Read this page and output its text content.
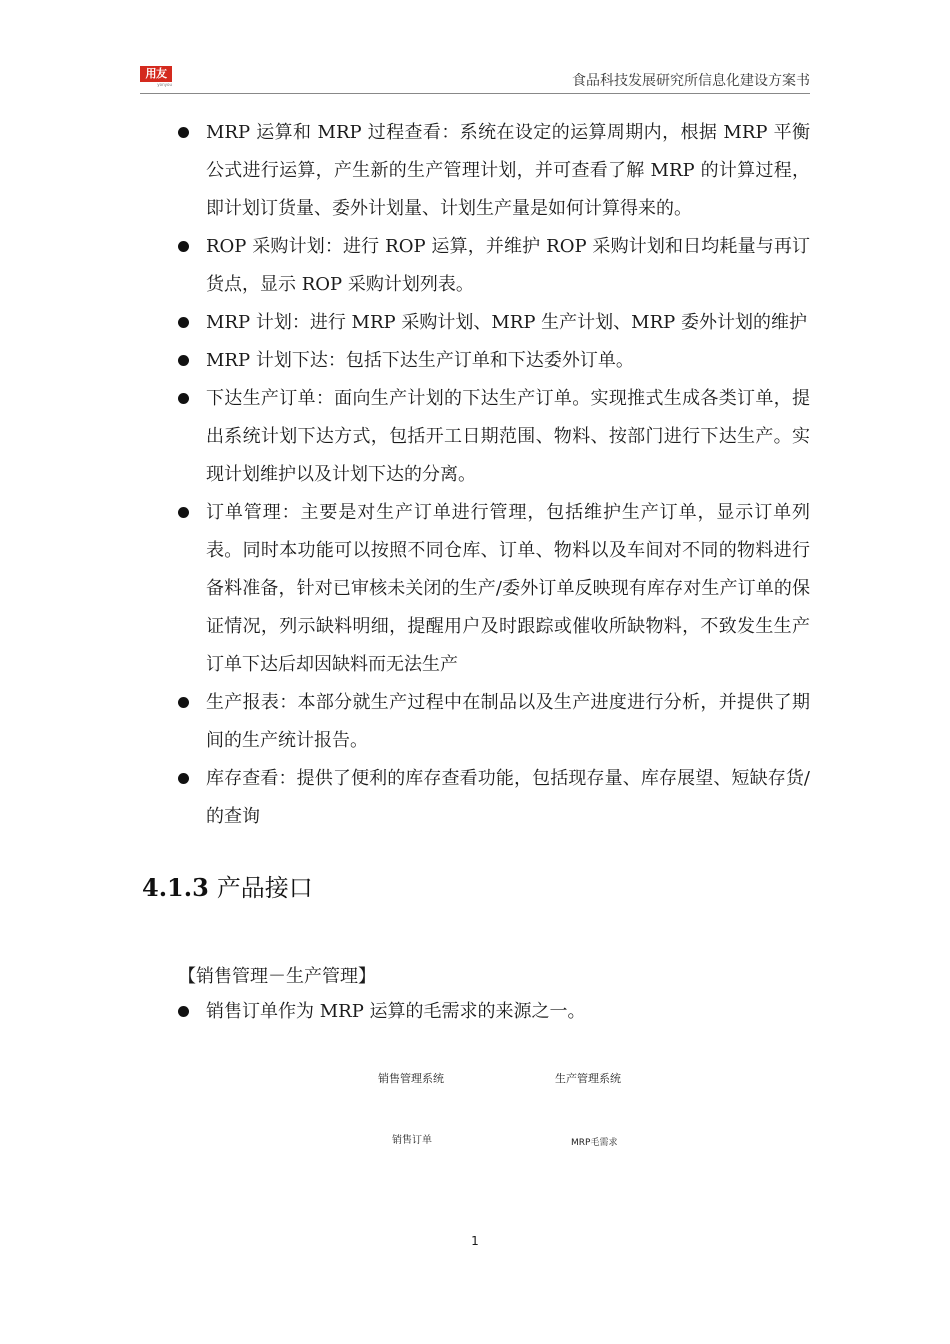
用友
yonyou	食品科技发展研究所信息化建设方案书

MRP 运算和 MRP 过程查看：系统在设定的运算周期内，根据 MRP 平衡公式进行运算，产生新的生产管理计划，并可查看了解 MRP 的计算过程，即计划订货量、委外计划量、计划生产量是如何计算得来的。

ROP 采购计划：进行 ROP 运算，并维护 ROP 采购计划和日均耗量与再订货点，显示 ROP 采购计划列表。

MRP 计划：进行 MRP 采购计划、MRP 生产计划、MRP 委外计划的维护

MRP 计划下达：包括下达生产订单和下达委外订单。

下达生产订单：面向生产计划的下达生产订单。实现推式生成各类订单，提出系统计划下达方式，包括开工日期范围、物料、按部门进行下达生产。实现计划维护以及计划下达的分离。

订单管理：主要是对生产订单进行管理，包括维护生产订单，显示订单列表。同时本功能可以按照不同仓库、订单、物料以及车间对不同的物料进行备料准备，针对已审核未关闭的生产/委外订单反映现有库存对生产订单的保证情况，列示缺料明细，提醒用户及时跟踪或催收所缺物料，不致发生生产订单下达后却因缺料而无法生产

生产报表：本部分就生产过程中在制品以及生产进度进行分析，并提供了期间的生产统计报告。

库存查看：提供了便利的库存查看功能，包括现存量、库存展望、短缺存货/的查询

4.1.3 产品接口
【销售管理－生产管理】

销售订单作为 MRP 运算的毛需求的来源之一。

销售管理系统	生产管理系统
销售订单	MRP毛需求
1
